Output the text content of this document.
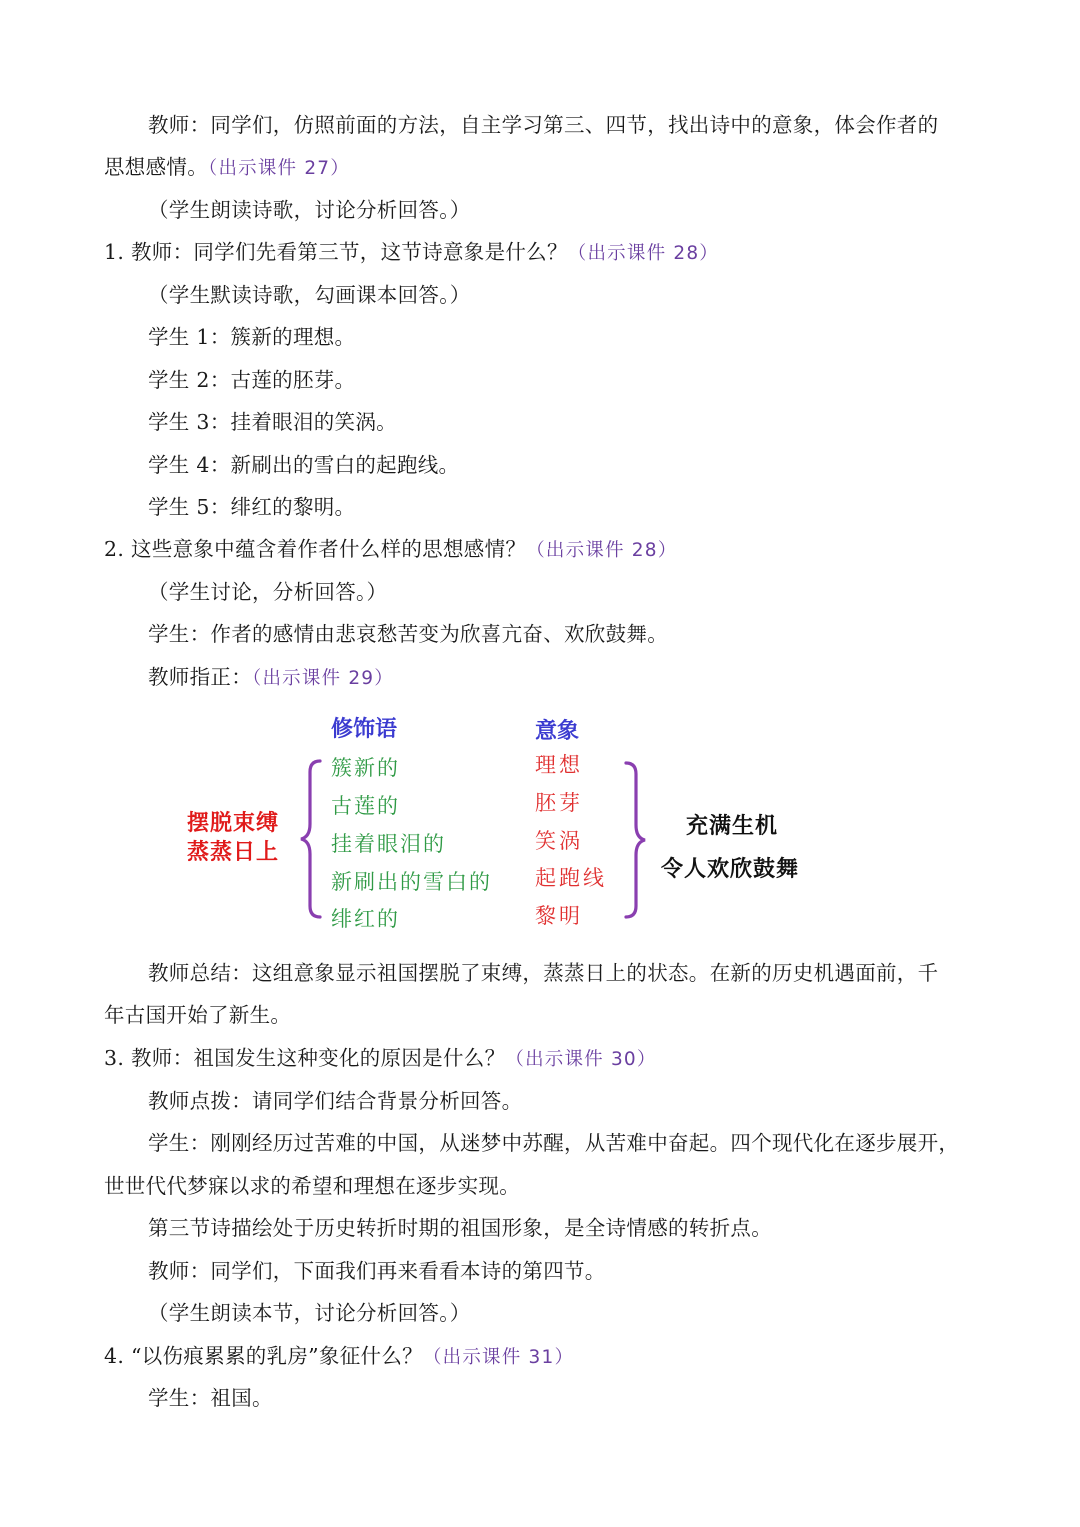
教师：同学们，仿照前面的方法，自主学习第三、四节，找出诗中的意象，体会作者的
思想感情。（出示课件 27）
（学生朗读诗歌，讨论分析回答。）
1. 教师：同学们先看第三节，这节诗意象是什么？（出示课件 28）
（学生默读诗歌，勾画课本回答。）
学生 1：簇新的理想。
学生 2：古莲的胚芽。
学生 3：挂着眼泪的笑涡。
学生 4：新刷出的雪白的起跑线。
学生 5：绯红的黎明。
2. 这些意象中蕴含着作者什么样的思想感情？（出示课件 28）
（学生讨论，分析回答。）
学生：作者的感情由悲哀愁苦变为欣喜亢奋、欢欣鼓舞。
教师指正：（出示课件 29）
修饰语	意象
摆脱束缚
蒸蒸日上
簇新的
古莲的
挂着眼泪的
新刷出的雪白的
绯红的
理想
胚芽
笑涡
起跑线
黎明
充满生机
令人欢欣鼓舞
教师总结：这组意象显示祖国摆脱了束缚，蒸蒸日上的状态。在新的历史机遇面前，千
年古国开始了新生。
3. 教师：祖国发生这种变化的原因是什么？（出示课件 30）
教师点拨：请同学们结合背景分析回答。
学生：刚刚经历过苦难的中国，从迷梦中苏醒，从苦难中奋起。四个现代化在逐步展开，
世世代代梦寐以求的希望和理想在逐步实现。
第三节诗描绘处于历史转折时期的祖国形象，是全诗情感的转折点。
教师：同学们，下面我们再来看看本诗的第四节。
（学生朗读本节，讨论分析回答。）
4. “以伤痕累累的乳房”象征什么？（出示课件 31）
学生：祖国。
